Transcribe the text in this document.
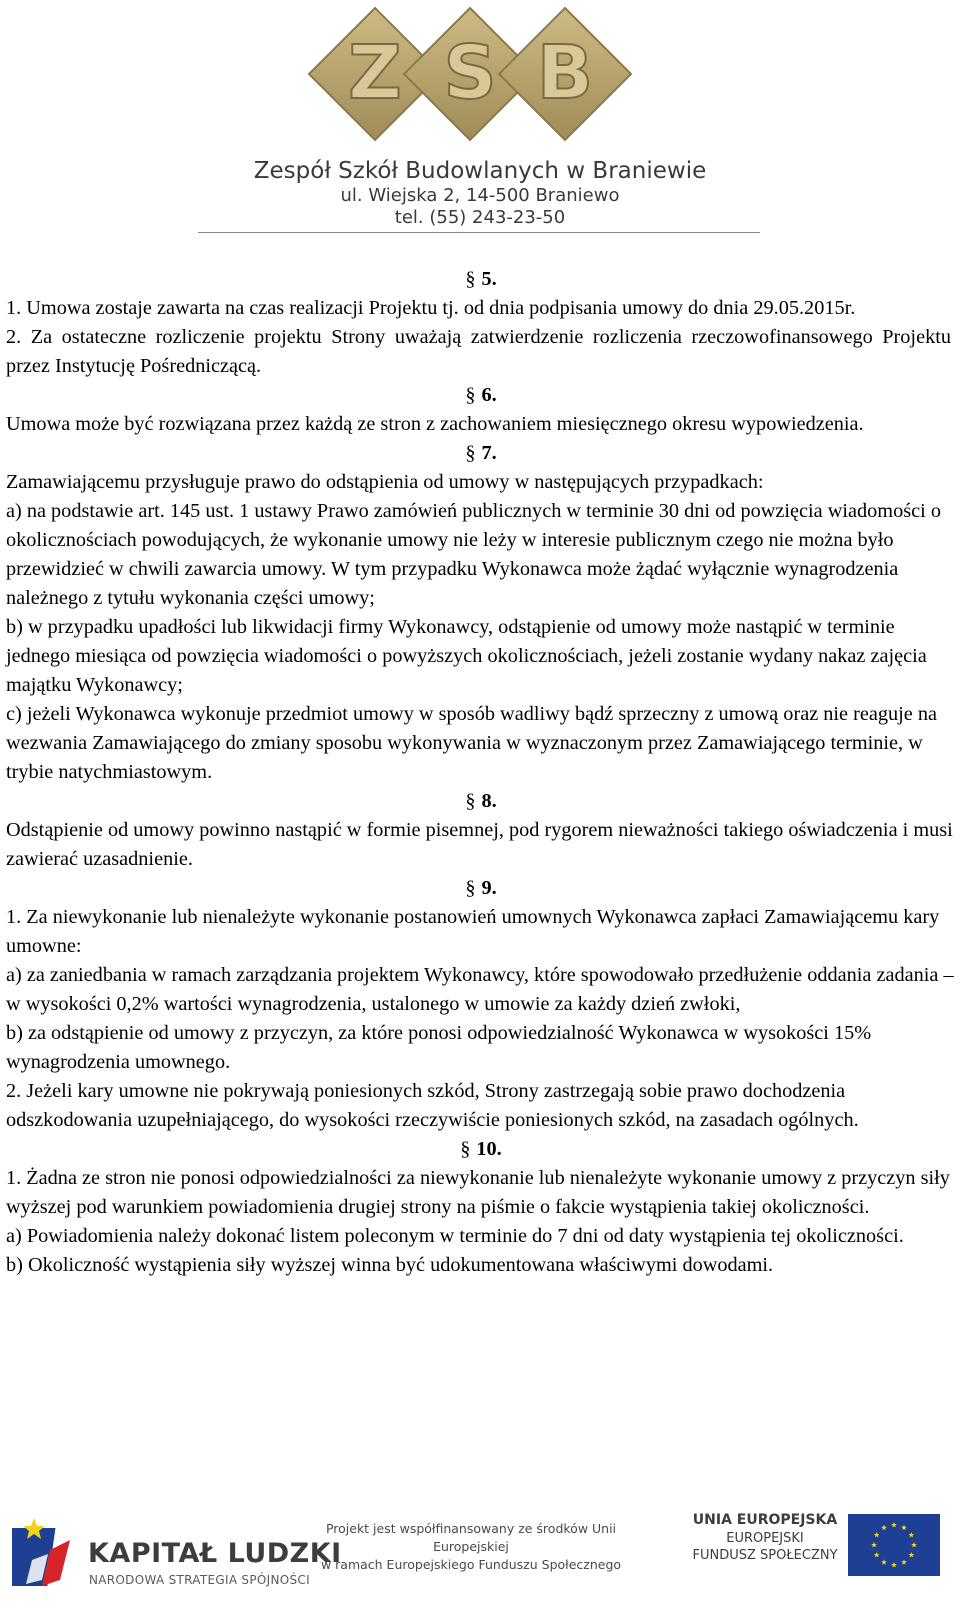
Z S B
Zespół Szkół Budowlanych w Braniewie
ul. Wiejska 2, 14-500 Braniewo
tel. (55) 243-23-50

§ 5.

1. Umowa zostaje zawarta na czas realizacji Projektu tj. od dnia podpisania umowy do dnia 29.05.2015r.

2. Za ostateczne rozliczenie projektu Strony uważają zatwierdzenie rozliczenia rzeczowofinansowego Projektu przez Instytucję Pośredniczącą.

§ 6.

Umowa może być rozwiązana przez każdą ze stron z zachowaniem miesięcznego okresu wypowiedzenia.

§ 7.

Zamawiającemu przysługuje prawo do odstąpienia od umowy w następujących przypadkach:

a) na podstawie art. 145 ust. 1 ustawy Prawo zamówień publicznych w terminie 30 dni od powzięcia wiadomości o okolicznościach powodujących, że wykonanie umowy nie leży w interesie publicznym czego nie można było przewidzieć w chwili zawarcia umowy. W tym przypadku Wykonawca może żądać wyłącznie wynagrodzenia należnego z tytułu wykonania części umowy;

b) w przypadku upadłości lub likwidacji firmy Wykonawcy, odstąpienie od umowy może nastąpić w terminie jednego miesiąca od powzięcia wiadomości o powyższych okolicznościach, jeżeli zostanie wydany nakaz zajęcia majątku Wykonawcy;

c) jeżeli Wykonawca wykonuje przedmiot umowy w sposób wadliwy bądź sprzeczny z umową oraz nie reaguje na wezwania Zamawiającego do zmiany sposobu wykonywania w wyznaczonym przez Zamawiającego terminie, w trybie natychmiastowym.

§ 8.

Odstąpienie od umowy powinno nastąpić w formie pisemnej, pod rygorem nieważności takiego oświadczenia i musi zawierać uzasadnienie.

§ 9.

1. Za niewykonanie lub nienależyte wykonanie postanowień umownych Wykonawca zapłaci Zamawiającemu kary umowne:

a) za zaniedbania w ramach zarządzania projektem Wykonawcy, które spowodowało przedłużenie oddania zadania – w wysokości 0,2% wartości wynagrodzenia, ustalonego w umowie za każdy dzień zwłoki,

b) za odstąpienie od umowy z przyczyn, za które ponosi odpowiedzialność Wykonawca w wysokości 15% wynagrodzenia umownego.

2. Jeżeli kary umowne nie pokrywają poniesionych szkód, Strony zastrzegają sobie prawo dochodzenia odszkodowania uzupełniającego, do wysokości rzeczywiście poniesionych szkód, na zasadach ogólnych.

§ 10.

1. Żadna ze stron nie ponosi odpowiedzialności za niewykonanie lub nienależyte wykonanie umowy z przyczyn siły wyższej pod warunkiem powiadomienia drugiej strony na piśmie o fakcie wystąpienia takiej okoliczności.

a) Powiadomienia należy dokonać listem poleconym w terminie do 7 dni od daty wystąpienia tej okoliczności.

b) Okoliczność wystąpienia siły wyższej winna być udokumentowana właściwymi dowodami.

KAPITAŁ LUDZKI
NARODOWA STRATEGIA SPÓJNOŚCI
Projekt jest współfinansowany ze środków Unii Europejskiej
w ramach Europejskiego Funduszu Społecznego
UNIA EUROPEJSKA
EUROPEJSKI
FUNDUSZ SPOŁECZNY
